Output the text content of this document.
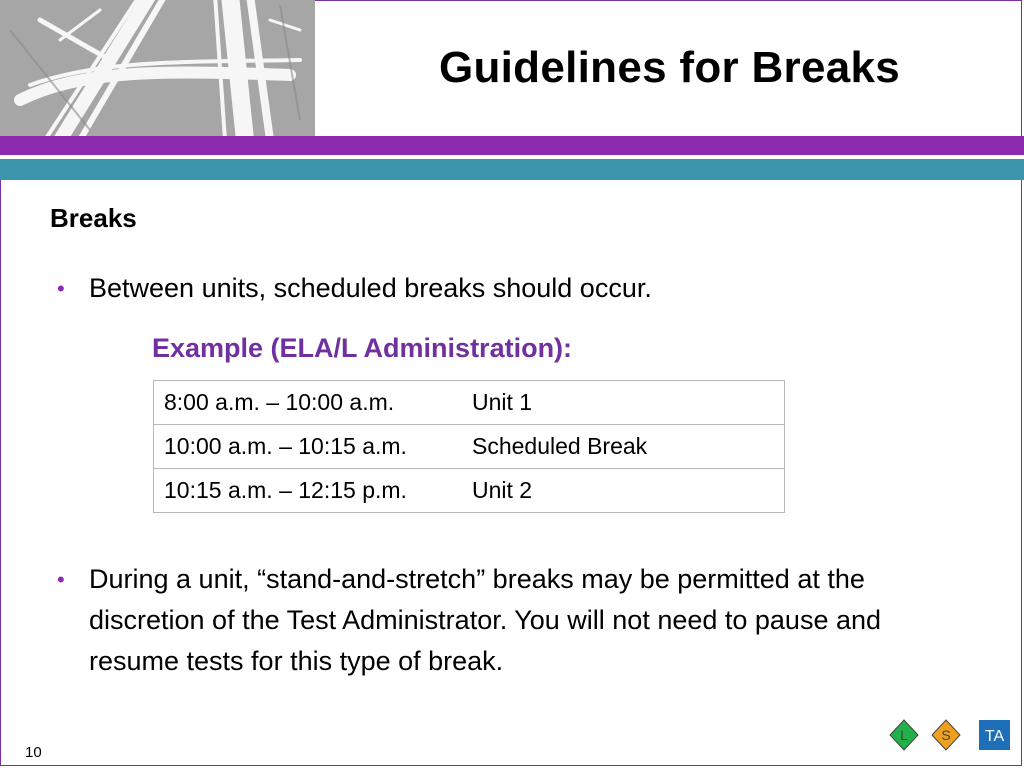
Guidelines for Breaks
Breaks
• Between units, scheduled breaks should occur.
Example (ELA/L Administration):
8:00 a.m. – 10:00 a.m.	Unit 1
10:00 a.m. – 10:15 a.m.	Scheduled Break
10:15 a.m. – 12:15 p.m.	Unit 2
• During a unit, “stand-and-stretch” breaks may be permitted at the discretion of the Test Administrator. You will not need to pause and resume tests for this type of break.
10
L S TA
